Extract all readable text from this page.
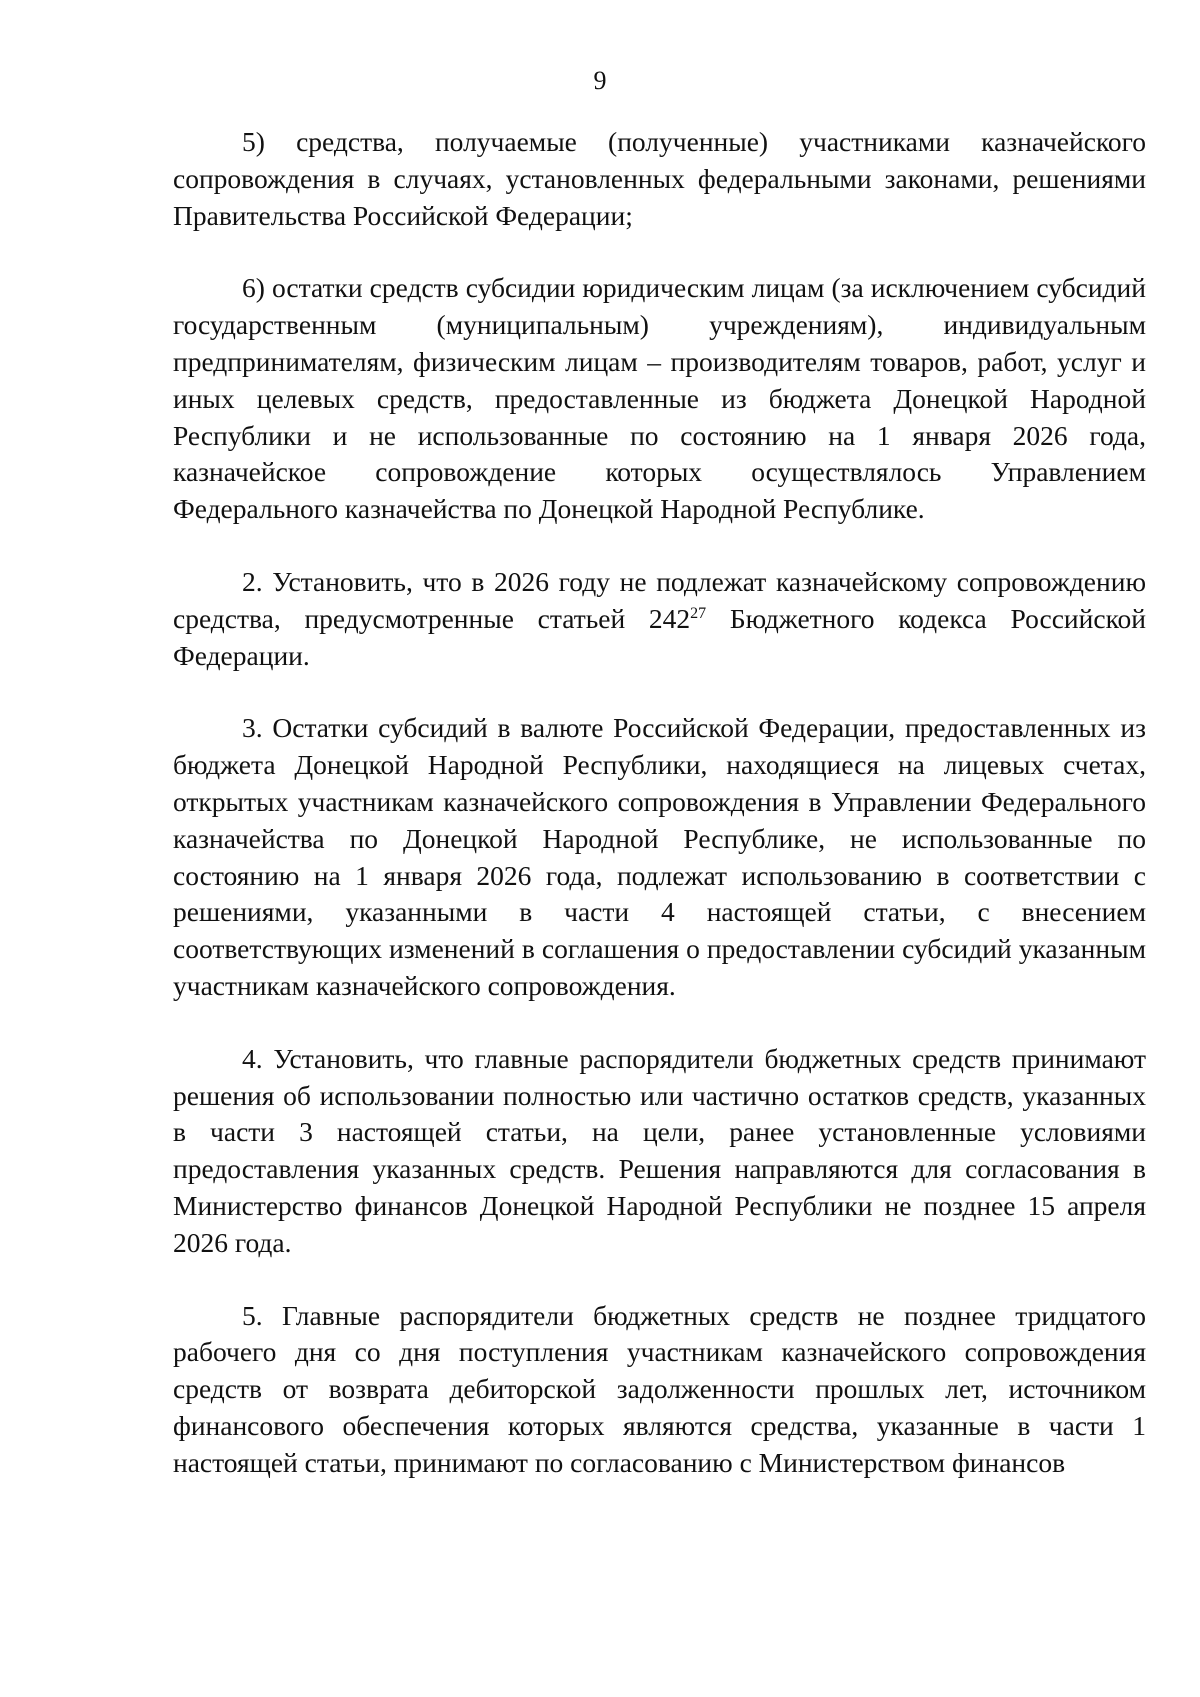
9

5) средства, получаемые (полученные) участниками казначейского сопровождения в случаях, установленных федеральными законами, решениями Правительства Российской Федерации;

6) остатки средств субсидии юридическим лицам (за исключением субсидий государственным (муниципальным) учреждениям), индивидуальным предпринимателям, физическим лицам – производителям товаров, работ, услуг и иных целевых средств, предоставленные из бюджета Донецкой Народной Республики и не использованные по состоянию на 1 января 2026 года, казначейское сопровождение которых осуществлялось Управлением Федерального казначейства по Донецкой Народной Республике.

2. Установить, что в 2026 году не подлежат казначейскому сопровождению средства, предусмотренные статьей $242^{27}$ Бюджетного кодекса Российской Федерации.

3. Остатки субсидий в валюте Российской Федерации, предоставленных из бюджета Донецкой Народной Республики, находящиеся на лицевых счетах, открытых участникам казначейского сопровождения в Управлении Федерального казначейства по Донецкой Народной Республике, не использованные по состоянию на 1 января 2026 года, подлежат использованию в соответствии с решениями, указанными в части 4 настоящей статьи, с внесением соответствующих изменений в соглашения о предоставлении субсидий указанным участникам казначейского сопровождения.

4. Установить, что главные распорядители бюджетных средств принимают решения об использовании полностью или частично остатков средств, указанных в части 3 настоящей статьи, на цели, ранее установленные условиями предоставления указанных средств. Решения направляются для согласования в Министерство финансов Донецкой Народной Республики не позднее 15 апреля 2026 года.

5. Главные распорядители бюджетных средств не позднее тридцатого рабочего дня со дня поступления участникам казначейского сопровождения средств от возврата дебиторской задолженности прошлых лет, источником финансового обеспечения которых являются средства, указанные в части 1 настоящей статьи, принимают по согласованию с Министерством финансов
